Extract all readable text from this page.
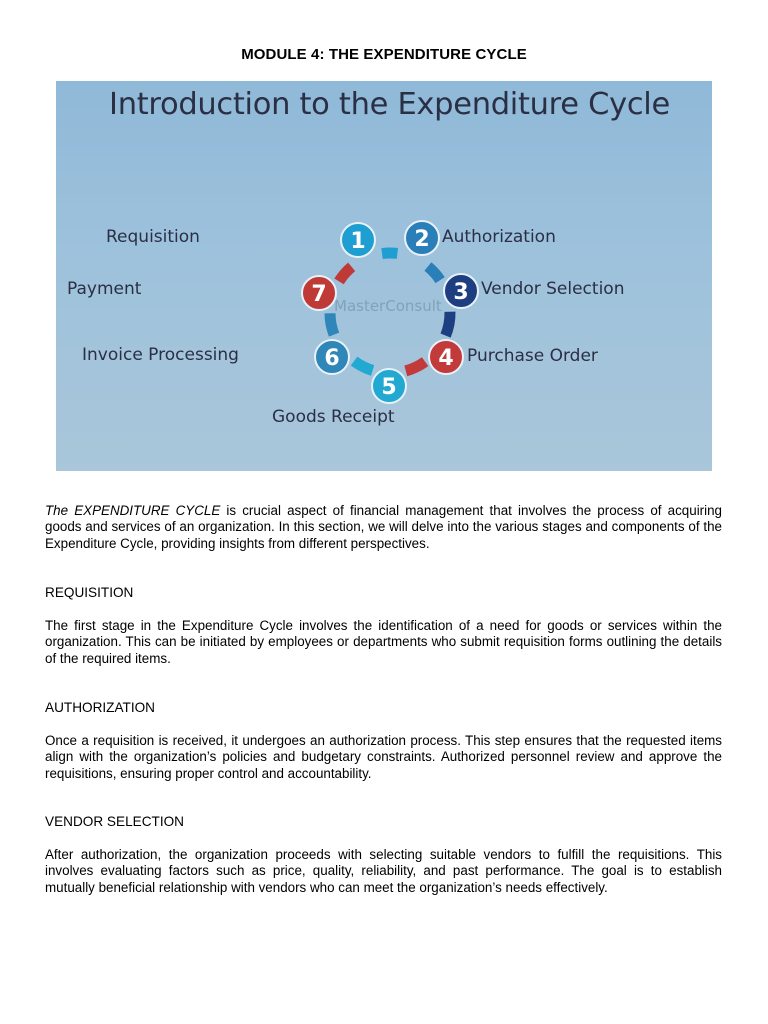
MODULE 4: THE EXPENDITURE CYCLE
1 2
3
4
5
6
7
Introduction to the Expenditure Cycle
MasterConsult
Requisition	Authorization
Vendor Selection
Purchase Order
Goods Receipt
Invoice Processing
Payment
The EXPENDITURE CYCLE is crucial aspect of financial management that involves the process of acquiring goods and services of an organization. In this section, we will delve into the various stages and components of the Expenditure Cycle, providing insights from different perspectives.
REQUISITION
The first stage in the Expenditure Cycle involves the identification of a need for goods or services within the organization. This can be initiated by employees or departments who submit requisition forms outlining the details of the required items.
AUTHORIZATION
Once a requisition is received, it undergoes an authorization process. This step ensures that the requested items align with the organization’s policies and budgetary constraints. Authorized personnel review and approve the requisitions, ensuring proper control and accountability.
VENDOR SELECTION
After authorization, the organization proceeds with selecting suitable vendors to fulfill the requisitions. This involves evaluating factors such as price, quality, reliability, and past performance. The goal is to establish mutually beneficial relationship with vendors who can meet the organization’s needs effectively.
